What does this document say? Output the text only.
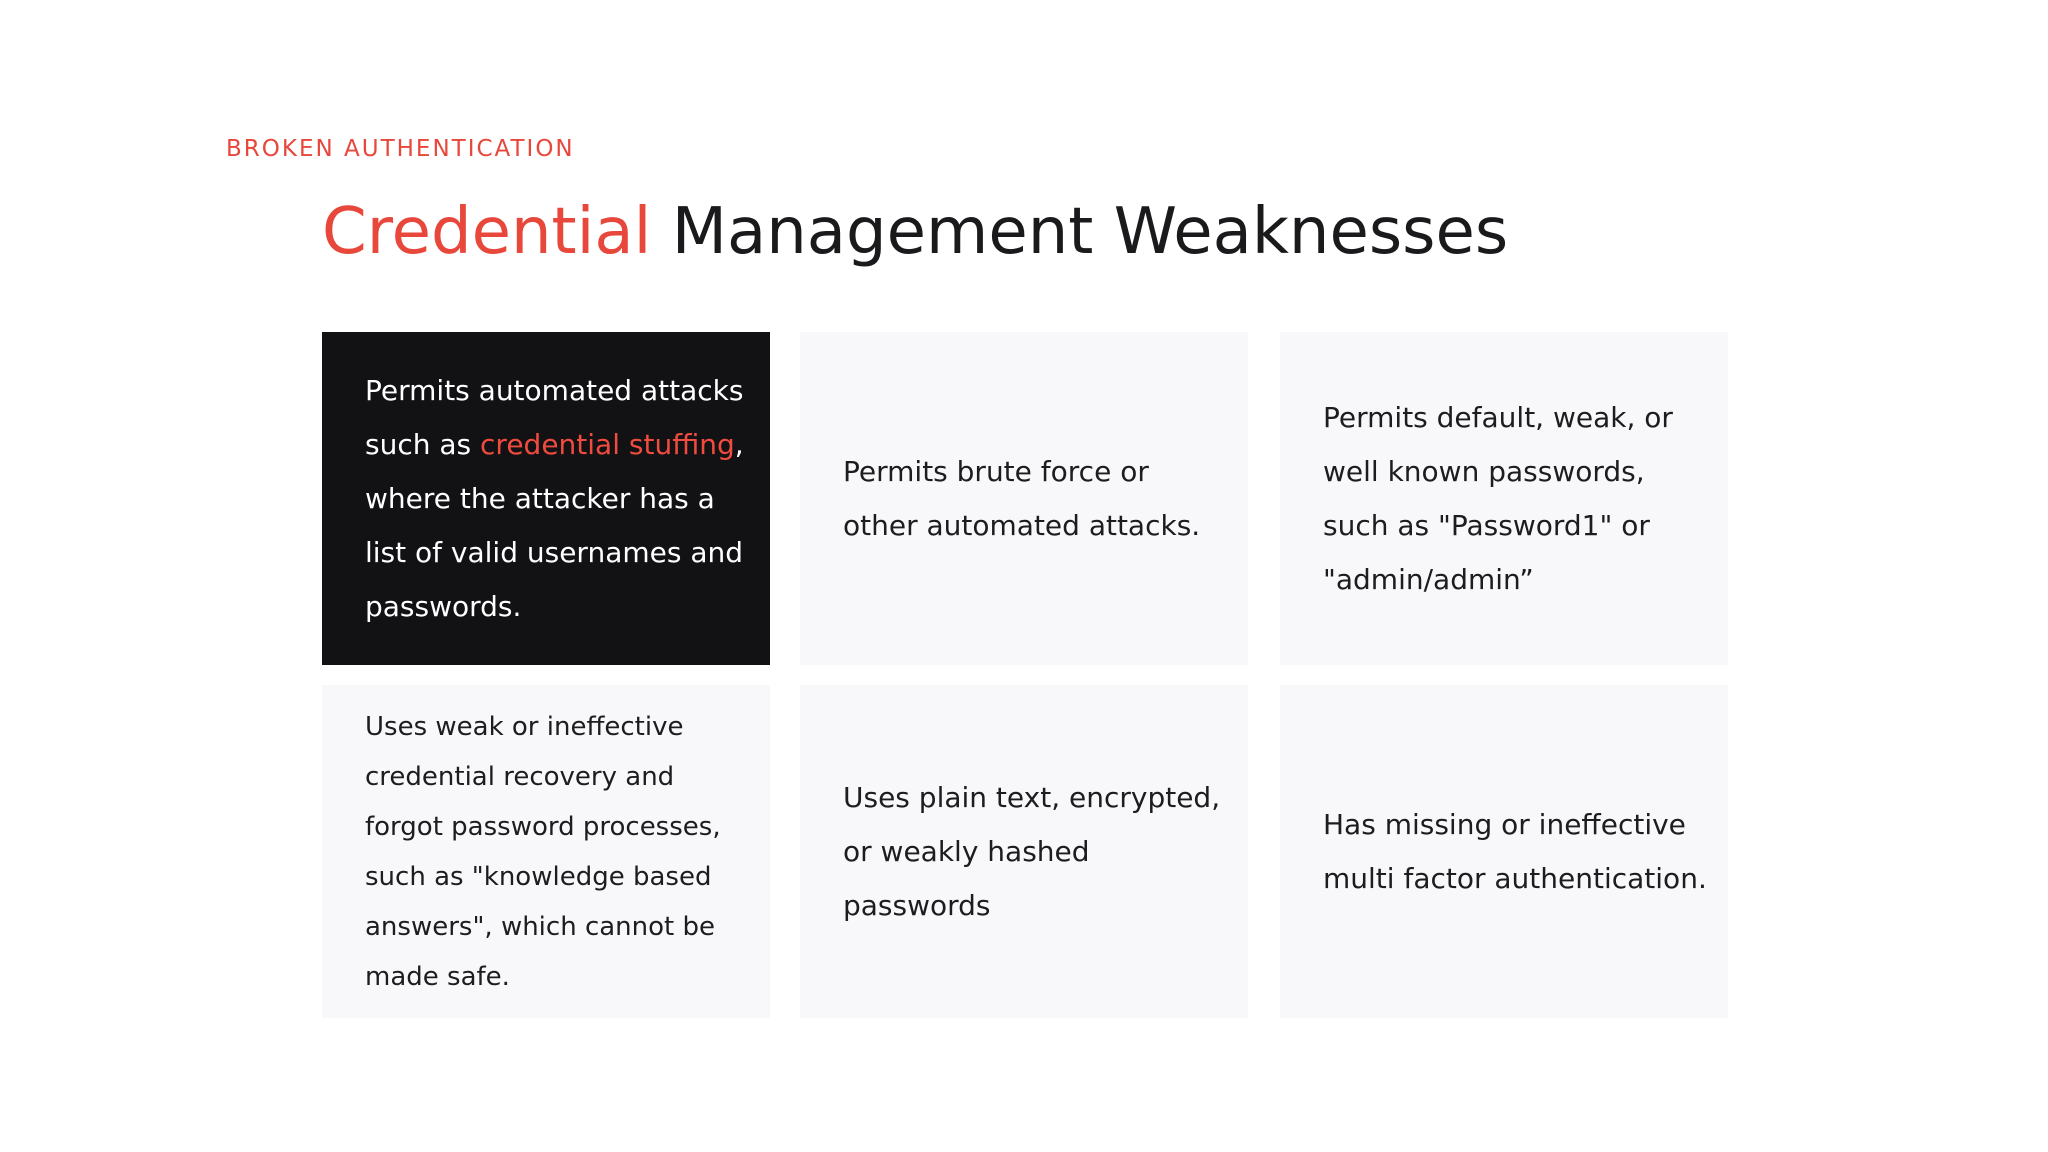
BROKEN AUTHENTICATION
Credential Management Weaknesses
Permits automated attacks such as credential stuffing, where the attacker has a list of valid usernames and passwords.
Permits brute force or other automated attacks.
Permits default, weak, or well known passwords, such as "Password1" or "admin/admin”
Uses weak or ineffective credential recovery and forgot password processes, such as "knowledge based answers", which cannot be made safe.
Uses plain text, encrypted, or weakly hashed passwords
Has missing or ineffective multi factor authentication.
